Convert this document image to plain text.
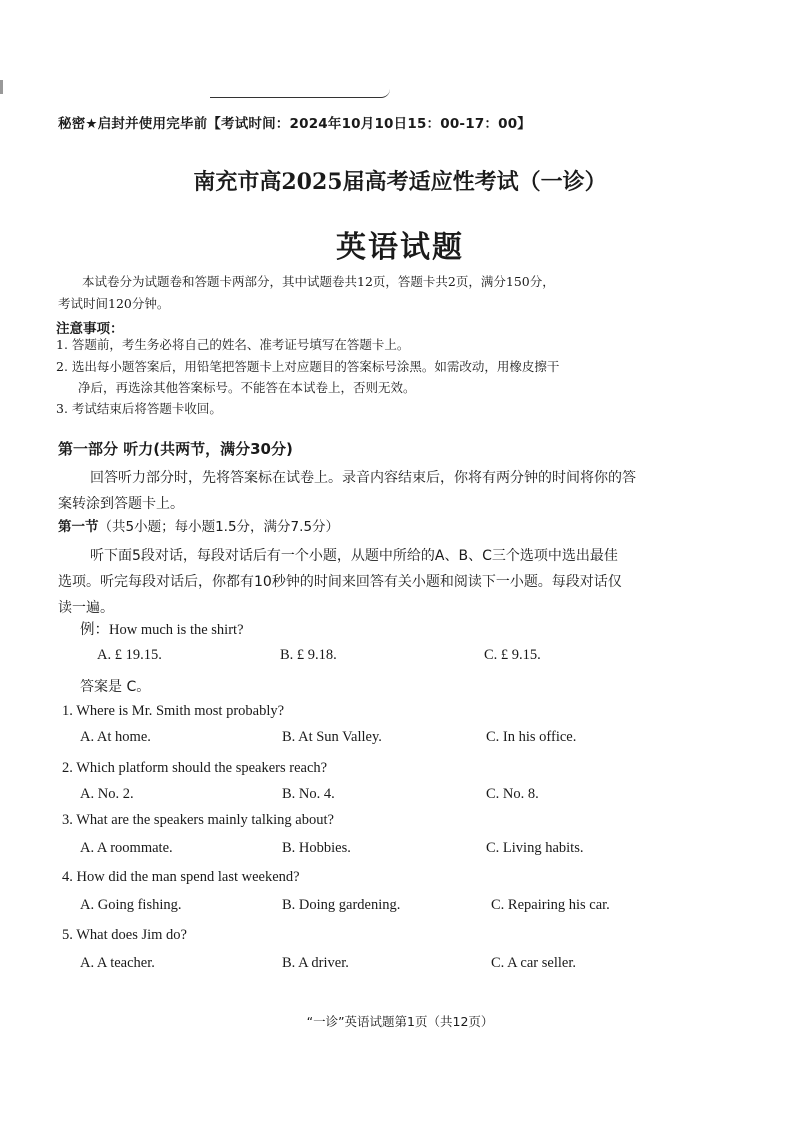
秘密★启封并使用完毕前【考试时间：2024年10月10日15：00-17：00】
南充市高2025届高考适应性考试（一诊）
英语试题
本试卷分为试题卷和答题卡两部分，其中试题卷共12页，答题卡共2页，满分150分，
考试时间120分钟。
注意事项：
1. 答题前，考生务必将自己的姓名、准考证号填写在答题卡上。
2. 选出每小题答案后，用铅笔把答题卡上对应题目的答案标号涂黑。如需改动，用橡皮擦干
净后，再选涂其他答案标号。不能答在本试卷上，否则无效。
3. 考试结束后将答题卡收回。
第一部分 听力(共两节，满分30分)
回答听力部分时，先将答案标在试卷上。录音内容结束后，你将有两分钟的时间将你的答
案转涂到答题卡上。
第一节（共5小题；每小题1.5分，满分7.5分）
听下面5段对话，每段对话后有一个小题，从题中所给的A、B、C三个选项中选出最佳
选项。听完每段对话后，你都有10秒钟的时间来回答有关小题和阅读下一小题。每段对话仅
读一遍。
例：How much is the shirt?
A. £ 19.15.	B. £ 9.18.	C. £ 9.15.
答案是 C。
1. Where is Mr. Smith most probably?
A. At home.	B. At Sun Valley.	C. In his office.
2. Which platform should the speakers reach?
A. No. 2.	B. No. 4.	C. No. 8.
3. What are the speakers mainly talking about?
A. A roommate.	B. Hobbies.	C. Living habits.
4. How did the man spend last weekend?
A. Going fishing.	B. Doing gardening.	C. Repairing his car.
5. What does Jim do?
A. A teacher.	B. A driver.	C. A car seller.
“一诊”英语试题第1页（共12页）
